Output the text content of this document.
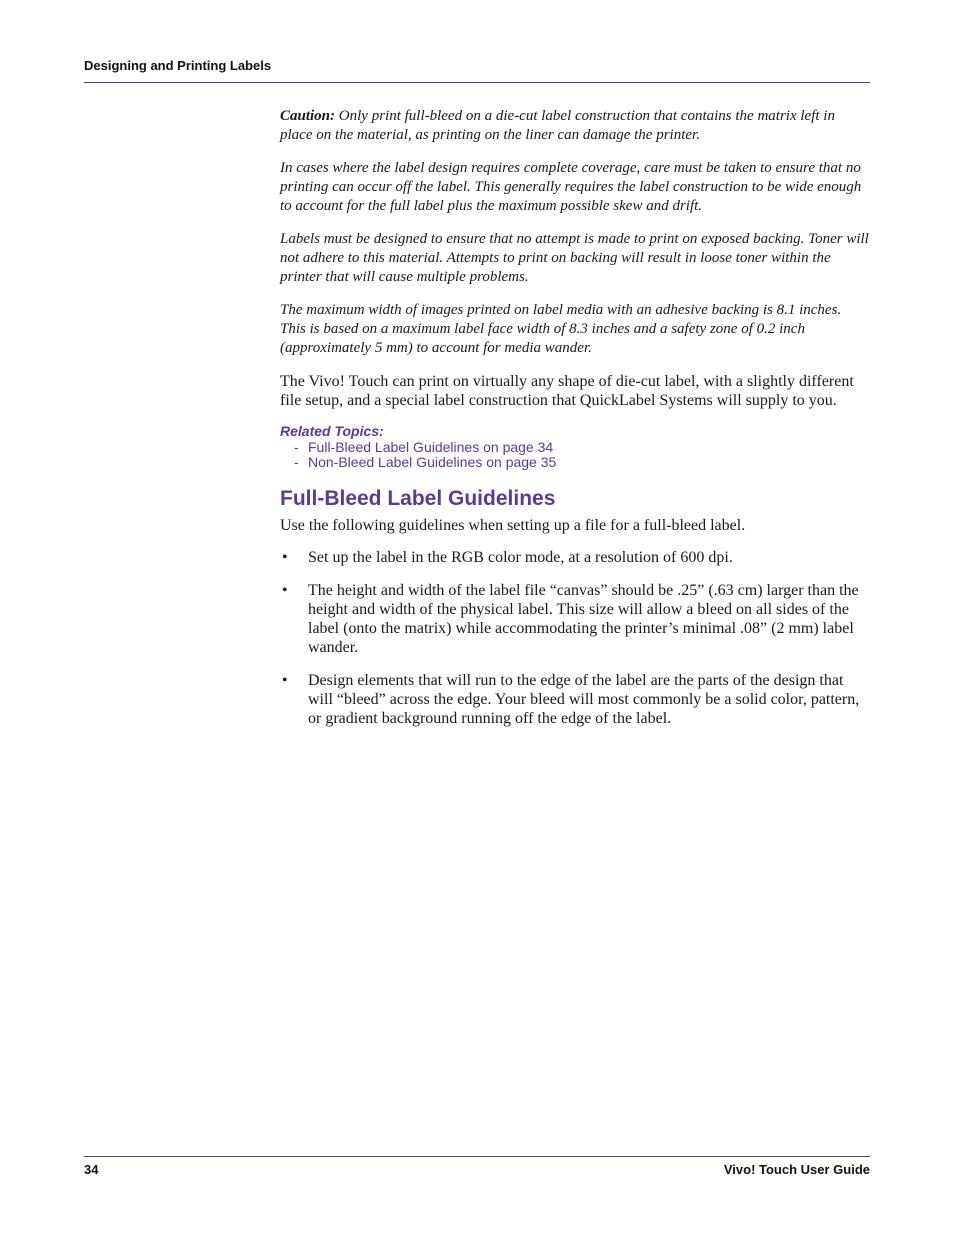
Designing and Printing Labels

Caution: Only print full-bleed on a die-cut label construction that contains the matrix left in place on the material, as printing on the liner can damage the printer.

In cases where the label design requires complete coverage, care must be taken to ensure that no printing can occur off the label. This generally requires the label construction to be wide enough to account for the full label plus the maximum possible skew and drift.

Labels must be designed to ensure that no attempt is made to print on exposed backing. Toner will not adhere to this material. Attempts to print on backing will result in loose toner within the printer that will cause multiple problems.

The maximum width of images printed on label media with an adhesive backing is 8.1 inches. This is based on a maximum label face width of 8.3 inches and a safety zone of 0.2 inch (approximately 5 mm) to account for media wander.

The Vivo! Touch can print on virtually any shape of die-cut label, with a slightly different file setup, and a special label construction that QuickLabel Systems will supply to you.

Related Topics:
- Full-Bleed Label Guidelines on page 34
- Non-Bleed Label Guidelines on page 35
Full-Bleed Label Guidelines

Use the following guidelines when setting up a file for a full-bleed label.

• Set up the label in the RGB color mode, at a resolution of 600 dpi.
• The height and width of the label file “canvas” should be .25” (.63 cm) larger than the height and width of the physical label. This size will allow a bleed on all sides of the label (onto the matrix) while accommodating the printer’s minimal .08” (2 mm) label wander.
• Design elements that will run to the edge of the label are the parts of the design that will “bleed” across the edge. Your bleed will most commonly be a solid color, pattern, or gradient background running off the edge of the label.
34	Vivo! Touch User Guide
